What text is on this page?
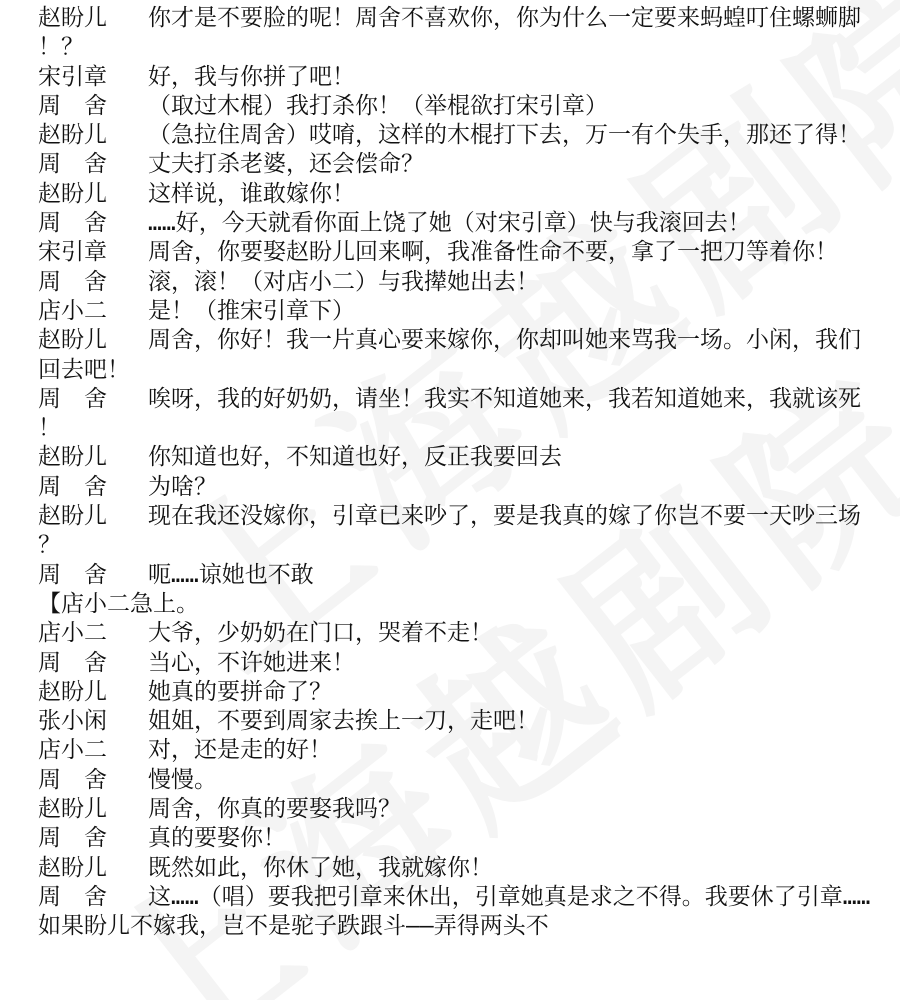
赵盼儿 你才是不要脸的呢！周舍不喜欢你，你为什么一定要来蚂蝗叮住螺蛳脚！？
宋引章 好，我与你拼了吧！
周　舍 （取过木棍）我打杀你！（举棍欲打宋引章）
赵盼儿 （急拉住周舍）哎唷，这样的木棍打下去，万一有个失手，那还了得！
周　舍 丈夫打杀老婆，还会偿命？
赵盼儿 这样说，谁敢嫁你！
周　舍 ……好，今天就看你面上饶了她（对宋引章）快与我滚回去！
宋引章 周舍，你要娶赵盼儿回来啊，我准备性命不要，拿了一把刀等着你！
周　舍 滚，滚！（对店小二）与我撵她出去！
店小二 是！（推宋引章下）
赵盼儿 周舍，你好！我一片真心要来嫁你，你却叫她来骂我一场。小闲，我们回去吧！
周　舍 唉呀，我的好奶奶，请坐！我实不知道她来，我若知道她来，我就该死！
赵盼儿 你知道也好，不知道也好，反正我要回去
周　舍 为啥？
赵盼儿 现在我还没嫁你，引章已来吵了，要是我真的嫁了你岂不要一天吵三场？
周　舍 呃……谅她也不敢
【店小二急上。
店小二 大爷，少奶奶在门口，哭着不走！
周　舍 当心，不许她进来！
赵盼儿 她真的要拼命了？
张小闲 姐姐，不要到周家去挨上一刀，走吧！
店小二 对，还是走的好！
周　舍 慢慢。
赵盼儿 周舍，你真的要娶我吗？
周　舍 真的要娶你！
赵盼儿 既然如此，你休了她，我就嫁你！
周　舍 这……（唱）要我把引章来休出，引章她真是求之不得。我要休了引章……如果盼儿不嫁我，岂不是驼子跌跟斗——弄得两头不
